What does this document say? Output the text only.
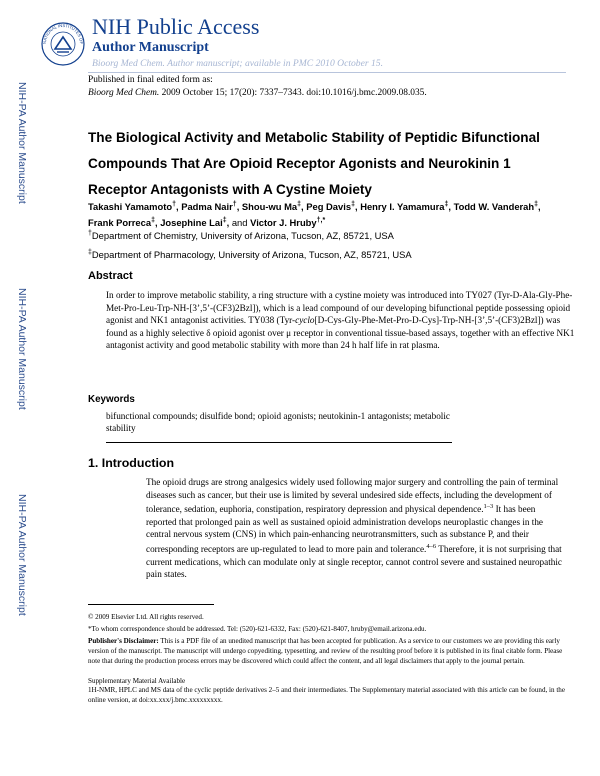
NATIONAL INSTITUTES OF
NIH Public Access
Author Manuscript
Bioorg Med Chem. Author manuscript; available in PMC 2010 October 15.
Published in final edited form as:
Bioorg Med Chem. 2009 October 15; 17(20): 7337–7343. doi:10.1016/j.bmc.2009.08.035.
NIH-PA Author Manuscript
NIH-PA Author Manuscript
NIH-PA Author Manuscript
The Biological Activity and Metabolic Stability of Peptidic Bifunctional Compounds That Are Opioid Receptor Agonists and Neurokinin 1 Receptor Antagonists with A Cystine Moiety
Takashi Yamamoto†, Padma Nair†, Shou-wu Ma‡, Peg Davis‡, Henry I. Yamamura‡, Todd W. Vanderah‡, Frank Porreca‡, Josephine Lai‡, and Victor J. Hruby†,*
†Department of Chemistry, University of Arizona, Tucson, AZ, 85721, USA
‡Department of Pharmacology, University of Arizona, Tucson, AZ, 85721, USA
Abstract
In order to improve metabolic stability, a ring structure with a cystine moiety was introduced into TY027 (Tyr-D-Ala-Gly-Phe-Met-Pro-Leu-Trp-NH-[3’,5’-(CF3)2Bzl]), which is a lead compound of our developing bifunctional peptide possessing opioid agonist and NK1 antagonist activities. TY038 (Tyr-cyclo[D-Cys-Gly-Phe-Met-Pro-D-Cys]-Trp-NH-[3’,5’-(CF3)2Bzl]) was found as a highly selective δ opioid agonist over μ receptor in conventional tissue-based assays, together with an effective NK1 antagonist activity and good metabolic stability with more than 24 h half life in rat plasma.
Keywords
bifunctional compounds; disulfide bond; opioid agonists; neutokinin-1 antagonists; metabolic stability
1. Introduction
The opioid drugs are strong analgesics widely used following major surgery and controlling the pain of terminal diseases such as cancer, but their use is limited by several undesired side effects, including the development of tolerance, sedation, euphoria, constipation, respiratory depression and physical dependence.$^{1-3}$ It has been reported that prolonged pain as well as sustained opioid administration develops neuroplastic changes in the central nervous system (CNS) in which pain-enhancing neurotransmitters, such as substance P, and their corresponding receptors are up-regulated to lead to more pain and tolerance.$^{4-6}$ Therefore, it is not surprising that current medications, which can modulate only at single receptor, cannot control severe and sustained neuropathic pain states.
© 2009 Elsevier Ltd. All rights reserved.
*To whom correspondence should be addressed. Tel: (520)-621-6332, Fax: (520)-621-8407, hruby@email.arizona.edu.
Publisher's Disclaimer: This is a PDF file of an unedited manuscript that has been accepted for publication. As a service to our customers we are providing this early version of the manuscript. The manuscript will undergo copyediting, typesetting, and review of the resulting proof before it is published in its final citable form. Please note that during the production process errors may be discovered which could affect the content, and all legal disclaimers that apply to the journal pertain.
Supplementary Material Available
1H-NMR, HPLC and MS data of the cyclic peptide derivatives 2–5 and their intermediates. The Supplementary material associated with this article can be found, in the online version, at doi:xx.xxx/j.bmc.xxxxxxxxx.
